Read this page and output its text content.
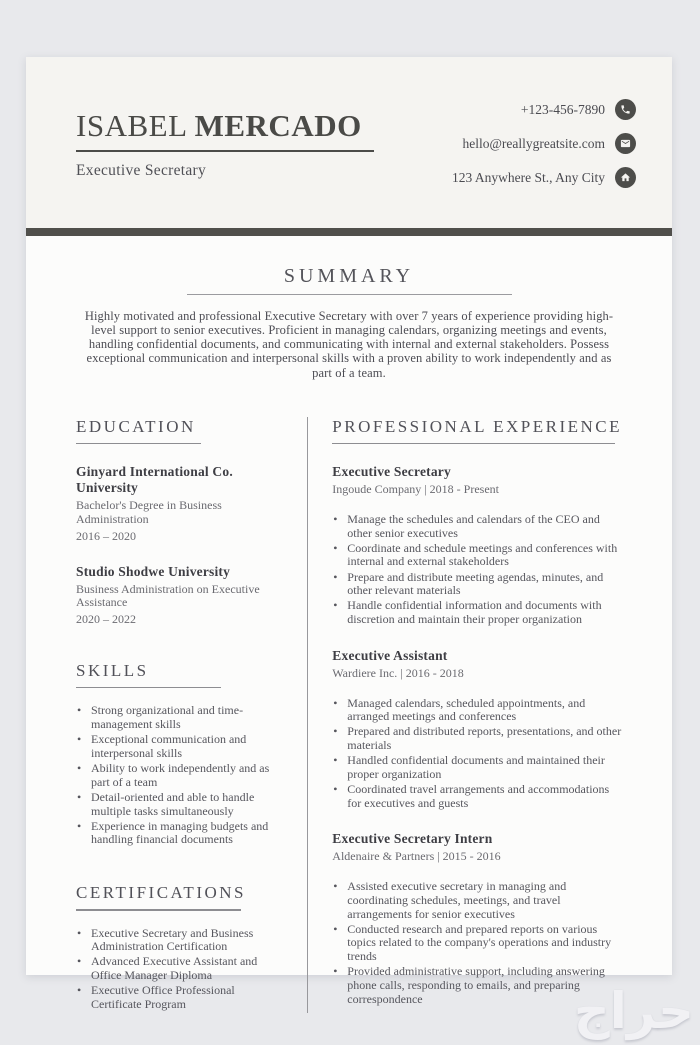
ISABEL MERCADO
Executive Secretary
+123-456-7890
hello@reallygreatsite.com
123 Anywhere St., Any City
SUMMARY

Highly motivated and professional Executive Secretary with over 7 years of experience providing high-level support to senior executives. Proficient in managing calendars, organizing meetings and events, handling confidential documents, and communicating with internal and external stakeholders. Possess exceptional communication and interpersonal skills with a proven ability to work independently and as part of a team.

EDUCATION
Ginyard International Co. University
Bachelor's Degree in Business Administration
2016 – 2020
Studio Shodwe University
Business Administration on Executive Assistance
2020 – 2022
SKILLS
• Strong organizational and time-management skills
• Exceptional communication and interpersonal skills
• Ability to work independently and as part of a team
• Detail-oriented and able to handle multiple tasks simultaneously
• Experience in managing budgets and handling financial documents
CERTIFICATIONS
• Executive Secretary and Business Administration Certification
• Advanced Executive Assistant and Office Manager Diploma
• Executive Office Professional Certificate Program
PROFESSIONAL EXPERIENCE
Executive Secretary
Ingoude Company | 2018 - Present
• Manage the schedules and calendars of the CEO and other senior executives
• Coordinate and schedule meetings and conferences with internal and external stakeholders
• Prepare and distribute meeting agendas, minutes, and other relevant materials
• Handle confidential information and documents with discretion and maintain their proper organization
Executive Assistant
Wardiere Inc. | 2016 - 2018
• Managed calendars, scheduled appointments, and arranged meetings and conferences
• Prepared and distributed reports, presentations, and other materials
• Handled confidential documents and maintained their proper organization
• Coordinated travel arrangements and accommodations for executives and guests
Executive Secretary Intern
Aldenaire & Partners | 2015 - 2016
• Assisted executive secretary in managing and coordinating schedules, meetings, and travel arrangements for senior executives
• Conducted research and prepared reports on various topics related to the company's operations and industry trends
• Provided administrative support, including answering phone calls, responding to emails, and preparing correspondence	حراج
